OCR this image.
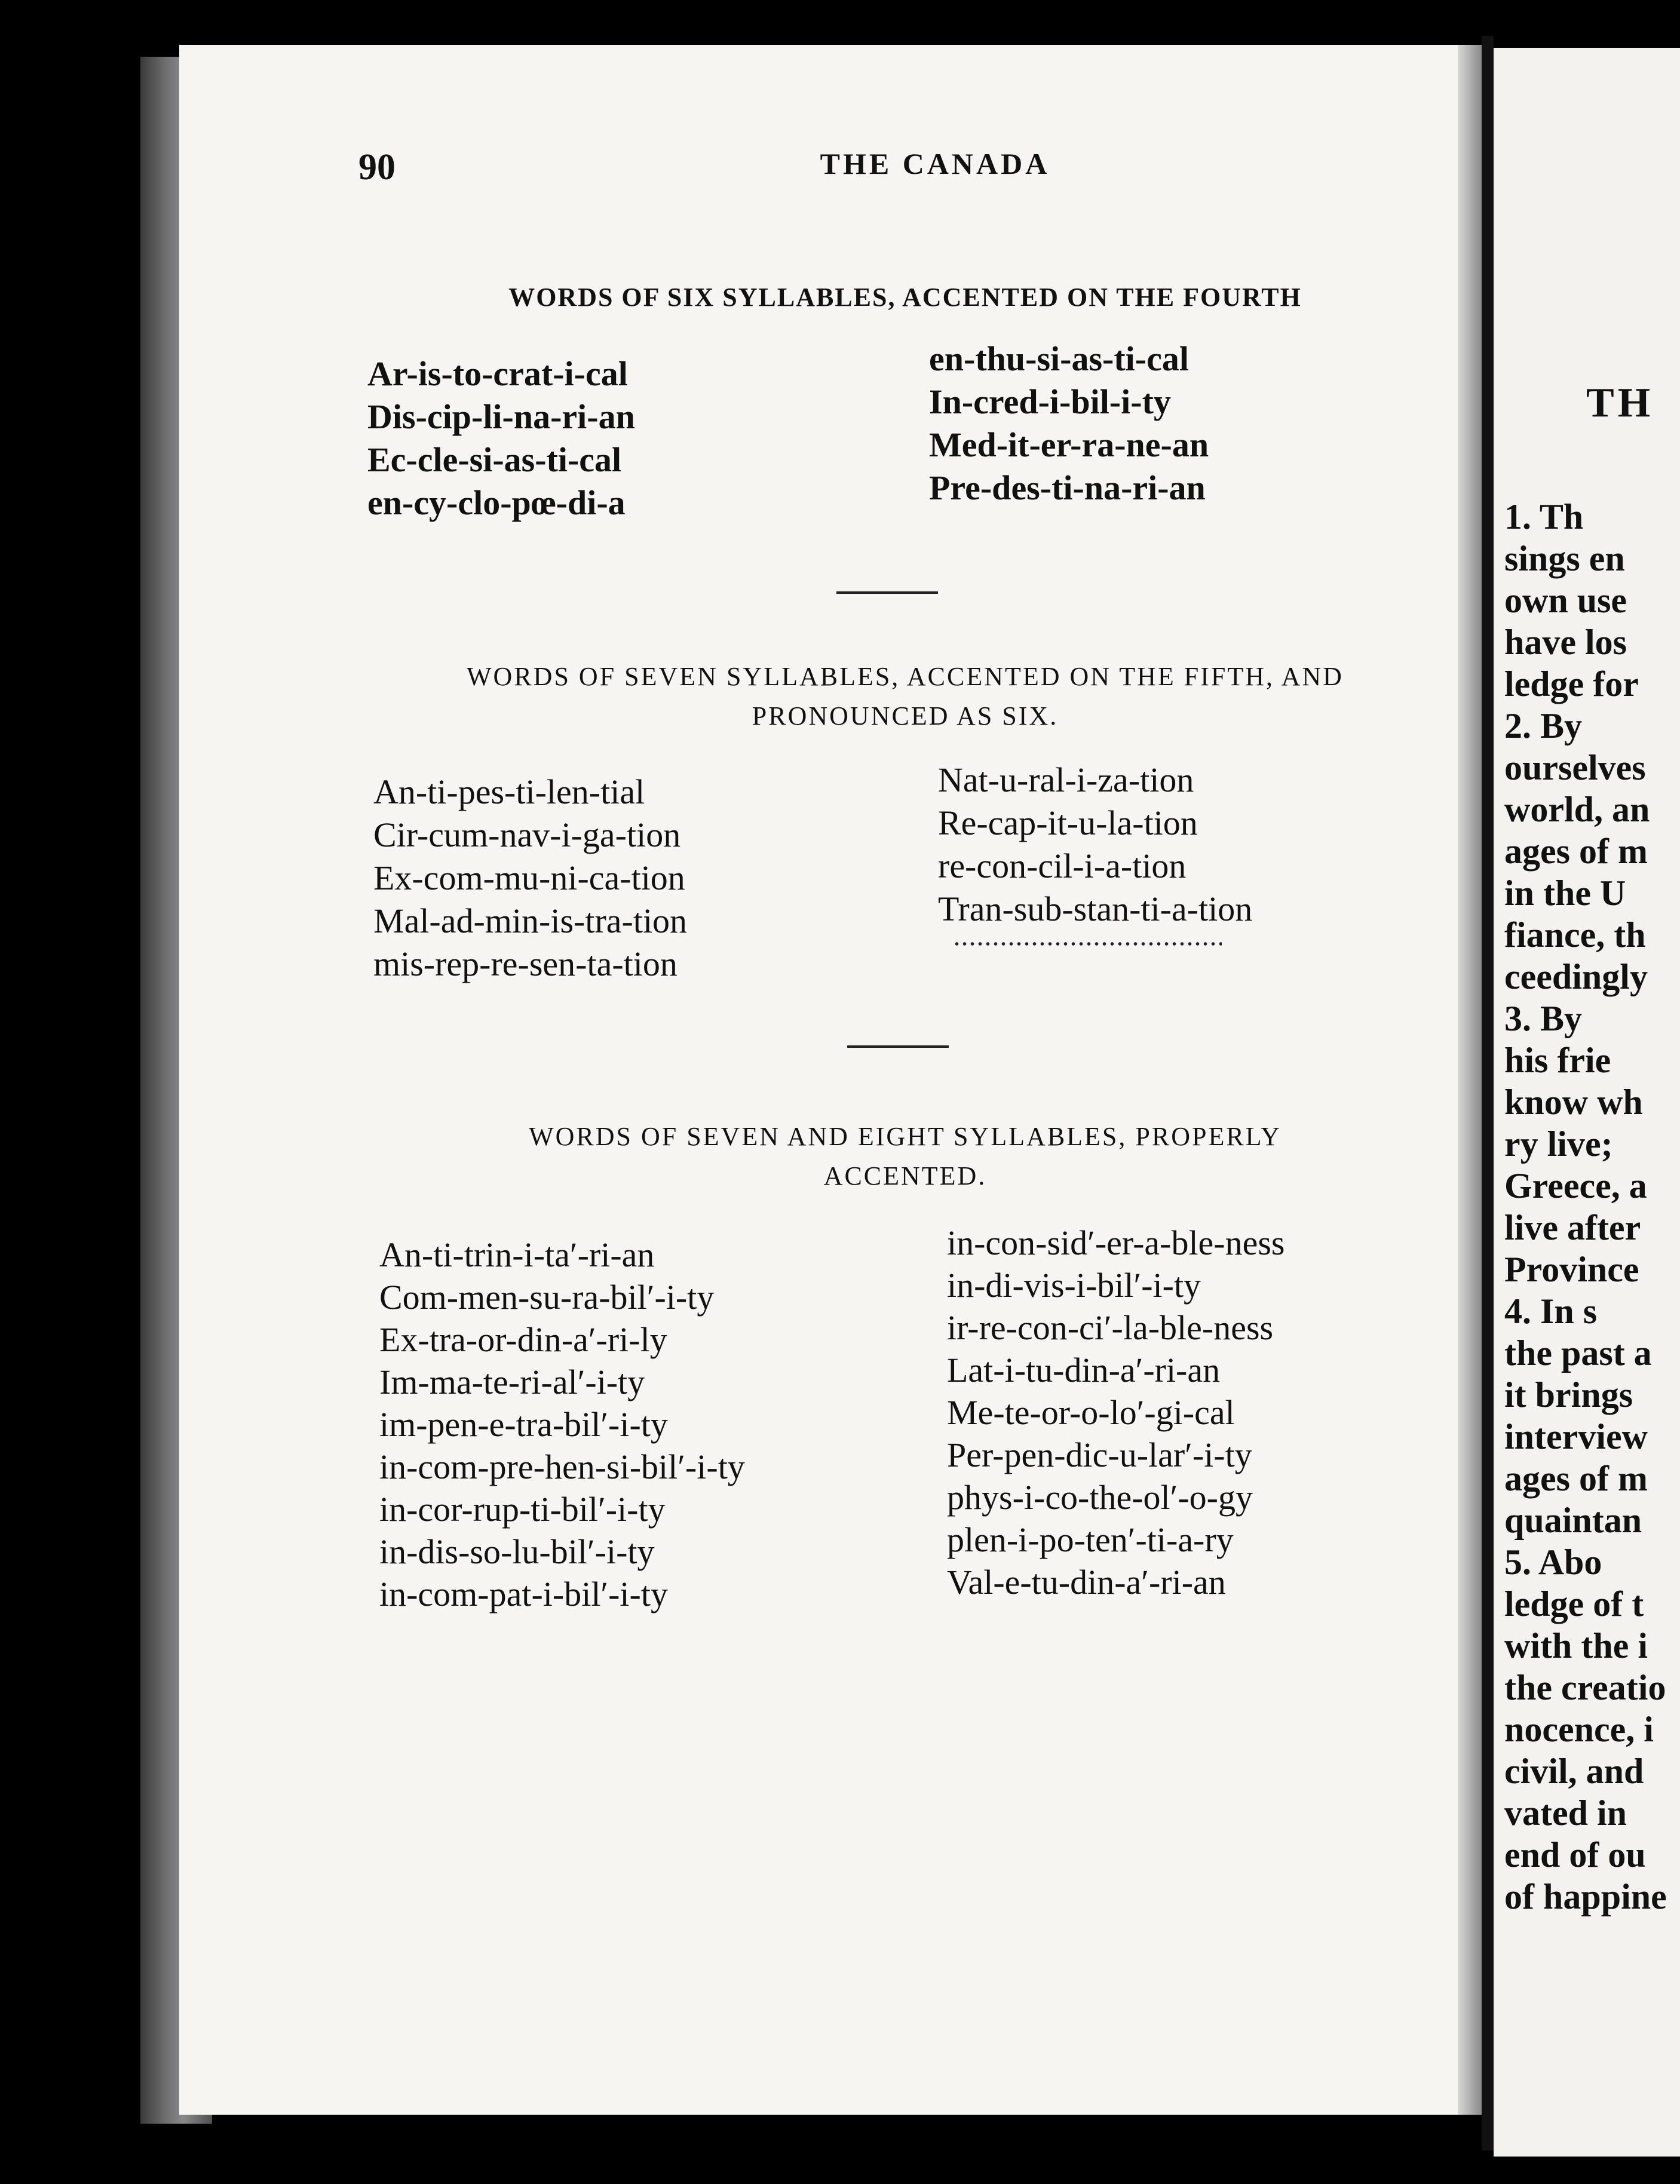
90	THE CANADA
WORDS OF SIX SYLLABLES, ACCENTED ON THE FOURTH
Ar-is-to-crat-i-cal
Dis-cip-li-na-ri-an
Ec-cle-si-as-ti-cal
en-cy-clo-pœ-di-a
en-thu-si-as-ti-cal
In-cred-i-bil-i-ty
Med-it-er-ra-ne-an
Pre-des-ti-na-ri-an
WORDS OF SEVEN SYLLABLES, ACCENTED ON THE FIFTH, AND
PRONOUNCED AS SIX.
An-ti-pes-ti-len-tial
Cir-cum-nav-i-ga-tion
Ex-com-mu-ni-ca-tion
Mal-ad-min-is-tra-tion
mis-rep-re-sen-ta-tion
Nat-u-ral-i-za-tion
Re-cap-it-u-la-tion
re-con-cil-i-a-tion
Tran-sub-stan-ti-a-tion
WORDS OF SEVEN AND EIGHT SYLLABLES, PROPERLY
ACCENTED.
An-ti-trin-i-ta′-ri-an
Com-men-su-ra-bil′-i-ty
Ex-tra-or-din-a′-ri-ly
Im-ma-te-ri-al′-i-ty
im-pen-e-tra-bil′-i-ty
in-com-pre-hen-si-bil′-i-ty
in-cor-rup-ti-bil′-i-ty
in-dis-so-lu-bil′-i-ty
in-com-pat-i-bil′-i-ty
in-con-sid′-er-a-ble-ness
in-di-vis-i-bil′-i-ty
ir-re-con-ci′-la-ble-ness
Lat-i-tu-din-a′-ri-an
Me-te-or-o-lo′-gi-cal
Per-pen-dic-u-lar′-i-ty
phys-i-co-the-ol′-o-gy
plen-i-po-ten′-ti-a-ry
Val-e-tu-din-a′-ri-an
TH

1. Th

sings en

own use

have los

ledge for

2. By

ourselves

world, an

ages of m

in the U

fiance, th

ceedingly

3. By

his frie

know wh

ry live;

Greece, a

live after

Province

4. In s

the past a

it brings

interview

ages of m

quaintan

5. Abo

ledge of t

with the i

the creatio

nocence, i

civil, and

vated in

end of ou

of happine
